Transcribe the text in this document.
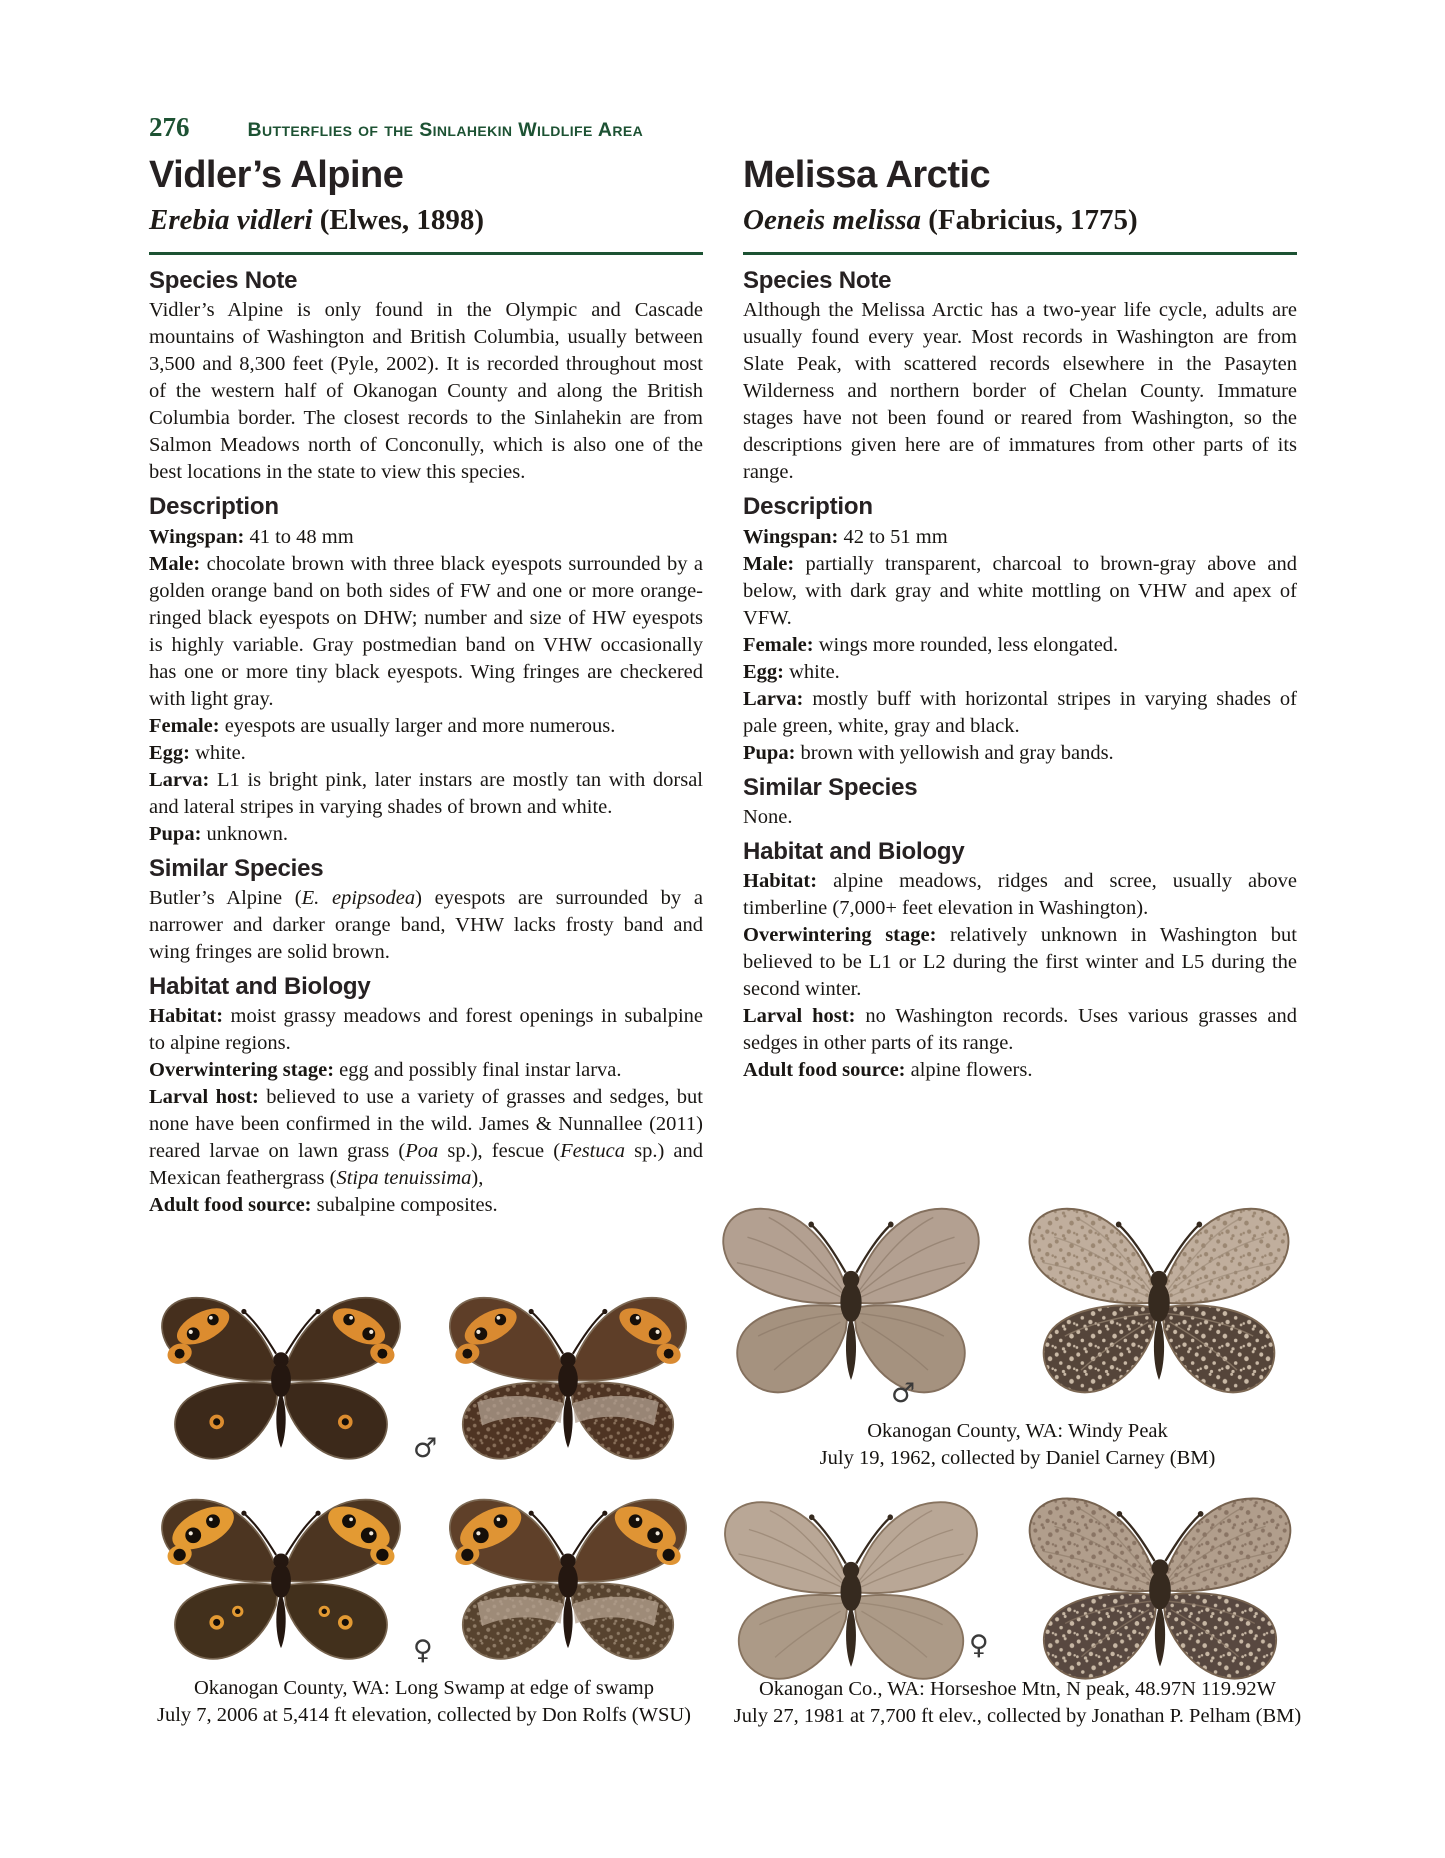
276	Butterflies of the Sinlahekin Wildlife Area
Vidler’s Alpine
Erebia vidleri (Elwes, 1898)
Species Note

Vidler’s Alpine is only found in the Olympic and Cascade mountains of Washington and British Columbia, usually between 3,500 and 8,300 feet (Pyle, 2002). It is recorded throughout most of the western half of Okanogan County and along the British Columbia border. The closest records to the Sinlahekin are from Salmon Meadows north of Conconully, which is also one of the best locations in the state to view this species.

Description

Wingspan: 41 to 48 mm

Male: chocolate brown with three black eyespots surrounded by a golden orange band on both sides of FW and one or more orange-ringed black eyespots on DHW; number and size of HW eyespots is highly variable. Gray postmedian band on VHW occasionally has one or more tiny black eyespots. Wing fringes are checkered with light gray.

Female: eyespots are usually larger and more numerous.

Egg: white.

Larva: L1 is bright pink, later instars are mostly tan with dorsal and lateral stripes in varying shades of brown and white.

Pupa: unknown.

Similar Species

Butler’s Alpine (E. epipsodea) eyespots are surrounded by a narrower and darker orange band, VHW lacks frosty band and wing fringes are solid brown.

Habitat and Biology

Habitat: moist grassy meadows and forest openings in subalpine to alpine regions.

Overwintering stage: egg and possibly final instar larva.

Larval host: believed to use a variety of grasses and sedges, but none have been confirmed in the wild. James & Nunnallee (2011) reared larvae on lawn grass (Poa sp.), fescue (Festuca sp.) and Mexican feathergrass (Stipa tenuissima),

Adult food source: subalpine composites.

Melissa Arctic
Oeneis melissa (Fabricius, 1775)
Species Note

Although the Melissa Arctic has a two-year life cycle, adults are usually found every year. Most records in Washington are from Slate Peak, with scattered records elsewhere in the Pasayten Wilderness and northern border of Chelan County. Immature stages have not been found or reared from Washington, so the descriptions given here are of immatures from other parts of its range.

Description

Wingspan: 42 to 51 mm

Male: partially transparent, charcoal to brown-gray above and below, with dark gray and white mottling on VHW and apex of VFW.

Female: wings more rounded, less elongated.

Egg: white.

Larva: mostly buff with horizontal stripes in varying shades of pale green, white, gray and black.

Pupa: brown with yellowish and gray bands.

Similar Species

None.

Habitat and Biology

Habitat: alpine meadows, ridges and scree, usually above timberline (7,000+ feet elevation in Washington).

Overwintering stage: relatively unknown in Washington but believed to be L1 or L2 during the first winter and L5 during the second winter.

Larval host: no Washington records. Uses various grasses and sedges in other parts of its range.

Adult food source: alpine flowers.

♂
♀
Okanogan County, WA: Long Swamp at edge of swamp
July 7, 2006 at 5,414 ft elevation, collected by Don Rolfs (WSU)
♂
Okanogan County, WA: Windy Peak
July 19, 1962, collected by Daniel Carney (BM)
♀
Okanogan Co., WA: Horseshoe Mtn, N peak, 48.97N 119.92W
July 27, 1981 at 7,700 ft elev., collected by Jonathan P. Pelham (BM)
